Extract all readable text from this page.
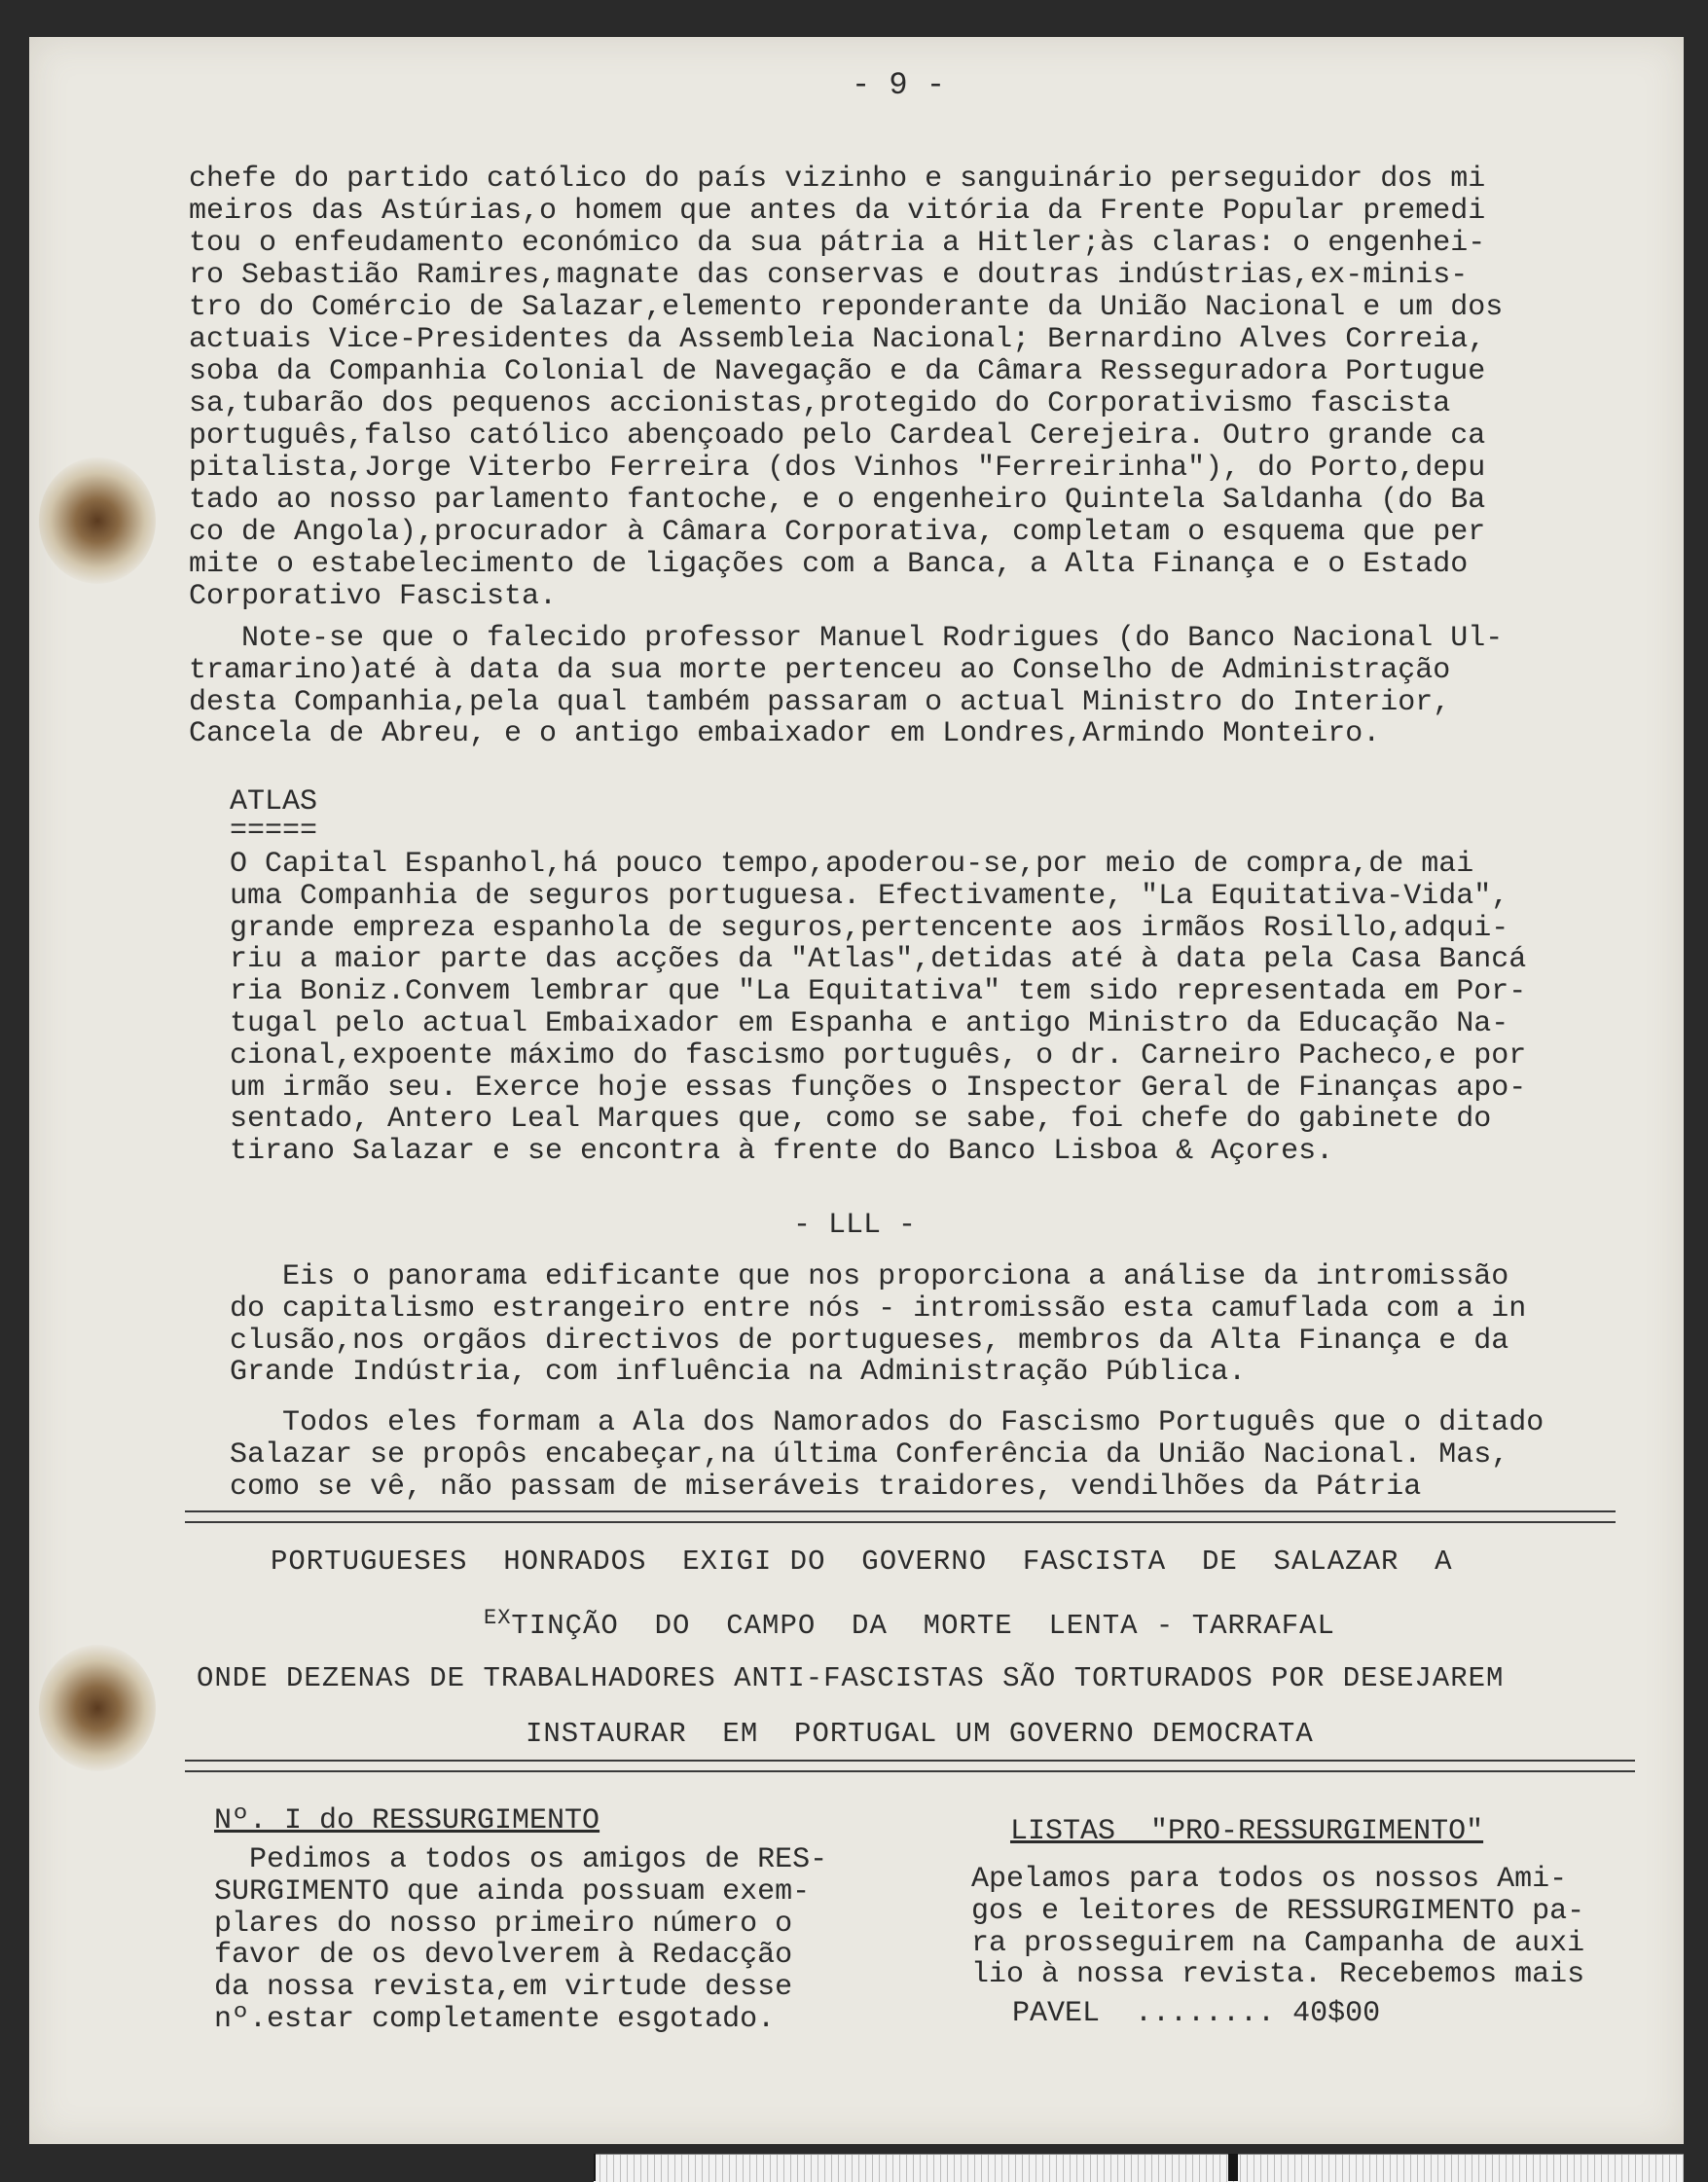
- 9 -
chefe do partido católico do país vizinho e sanguinário perseguidor dos mi
meiros das Astúrias,o homem que antes da vitória da Frente Popular premedi
tou o enfeudamento económico da sua pátria a Hitler;às claras: o engenhei-
ro Sebastião Ramires,magnate das conservas e doutras indústrias,ex-minis-
tro do Comércio de Salazar,elemento reponderante da União Nacional e um dos
actuais Vice-Presidentes da Assembleia Nacional; Bernardino Alves Correia,
soba da Companhia Colonial de Navegação e da Câmara Resseguradora Portugue
sa,tubarão dos pequenos accionistas,protegido do Corporativismo fascista
português,falso católico abençoado pelo Cardeal Cerejeira. Outro grande ca
pitalista,Jorge Viterbo Ferreira (dos Vinhos "Ferreirinha"), do Porto,depu
tado ao nosso parlamento fantoche, e o engenheiro Quintela Saldanha (do Ba
co de Angola),procurador à Câmara Corporativa, completam o esquema que per
mite o estabelecimento de ligações com a Banca, a Alta Finança e o Estado
Corporativo Fascista.
Note-se que o falecido professor Manuel Rodrigues (do Banco Nacional Ul-
tramarino)até à data da sua morte pertenceu ao Conselho de Administração
desta Companhia,pela qual também passaram o actual Ministro do Interior,
Cancela de Abreu, e o antigo embaixador em Londres,Armindo Monteiro.
ATLAS
=====
O Capital Espanhol,há pouco tempo,apoderou-se,por meio de compra,de mai
uma Companhia de seguros portuguesa. Efectivamente, "La Equitativa-Vida",
grande empreza espanhola de seguros,pertencente aos irmãos Rosillo,adqui-
riu a maior parte das acções da "Atlas",detidas até à data pela Casa Bancá
ria Boniz.Convem lembrar que "La Equitativa" tem sido representada em Por-
tugal pelo actual Embaixador em Espanha e antigo Ministro da Educação Na-
cional,expoente máximo do fascismo português, o dr. Carneiro Pacheco,e por
um irmão seu. Exerce hoje essas funções o Inspector Geral de Finanças apo-
sentado, Antero Leal Marques que, como se sabe, foi chefe do gabinete do
tirano Salazar e se encontra à frente do Banco Lisboa & Açores.
- LLL -
Eis o panorama edificante que nos proporciona a análise da intromissão
do capitalismo estrangeiro entre nós - intromissão esta camuflada com a in
clusão,nos orgãos directivos de portugueses, membros da Alta Finança e da
Grande Indústria, com influência na Administração Pública.
Todos eles formam a Ala dos Namorados do Fascismo Português que o ditado
Salazar se propôs encabeçar,na última Conferência da União Nacional. Mas,
como se vê, não passam de miseráveis traidores, vendilhões da Pátria
PORTUGUESES  HONRADOS  EXIGI DO  GOVERNO  FASCISTA  DE  SALAZAR  A
$^{EX}$TINÇÃO  DO  CAMPO  DA  MORTE  LENTA - TARRAFAL
ONDE DEZENAS DE TRABALHADORES ANTI-FASCISTAS SÃO TORTURADOS POR DESEJAREM
INSTAURAR  EM  PORTUGAL UM GOVERNO DEMOCRATA
Nº. I do RESSURGIMENTO
Pedimos a todos os amigos de RES-
SURGIMENTO que ainda possuam exem-
plares do nosso primeiro número o
favor de os devolverem à Redacção
da nossa revista,em virtude desse
nº.estar completamente esgotado.
LISTAS  "PRO-RESSURGIMENTO"
Apelamos para todos os nossos Ami-
gos e leitores de RESSURGIMENTO pa-
ra prosseguirem na Campanha de auxi
lio à nossa revista. Recebemos mais
PAVEL ........ 40$00
